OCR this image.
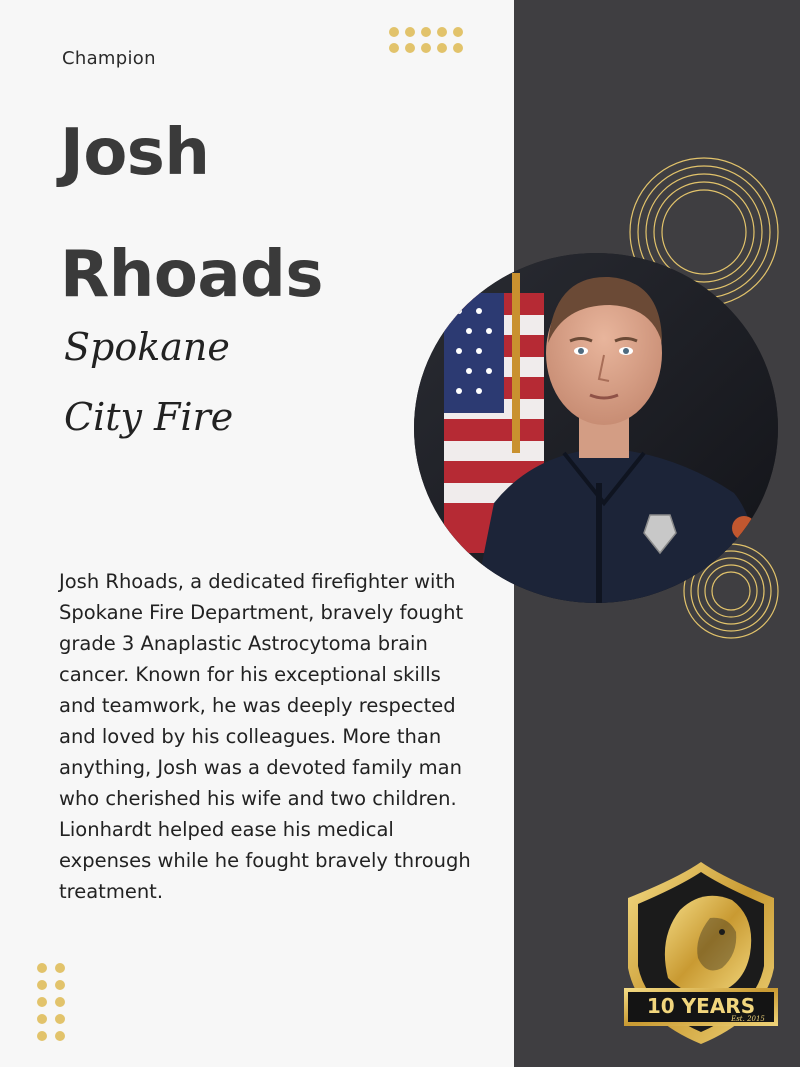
Champion
Josh
Rhoads
Spokane
City Fire
Josh Rhoads, a dedicated firefighter with Spokane Fire Department, bravely fought grade 3 Anaplastic Astrocytoma brain cancer. Known for his exceptional skills and teamwork, he was deeply respected and loved by his colleagues. More than anything, Josh was a devoted family man who cherished his wife and two children. Lionhardt helped ease his medical expenses while he fought bravely through treatment.
10 YEARS
Est. 2015
